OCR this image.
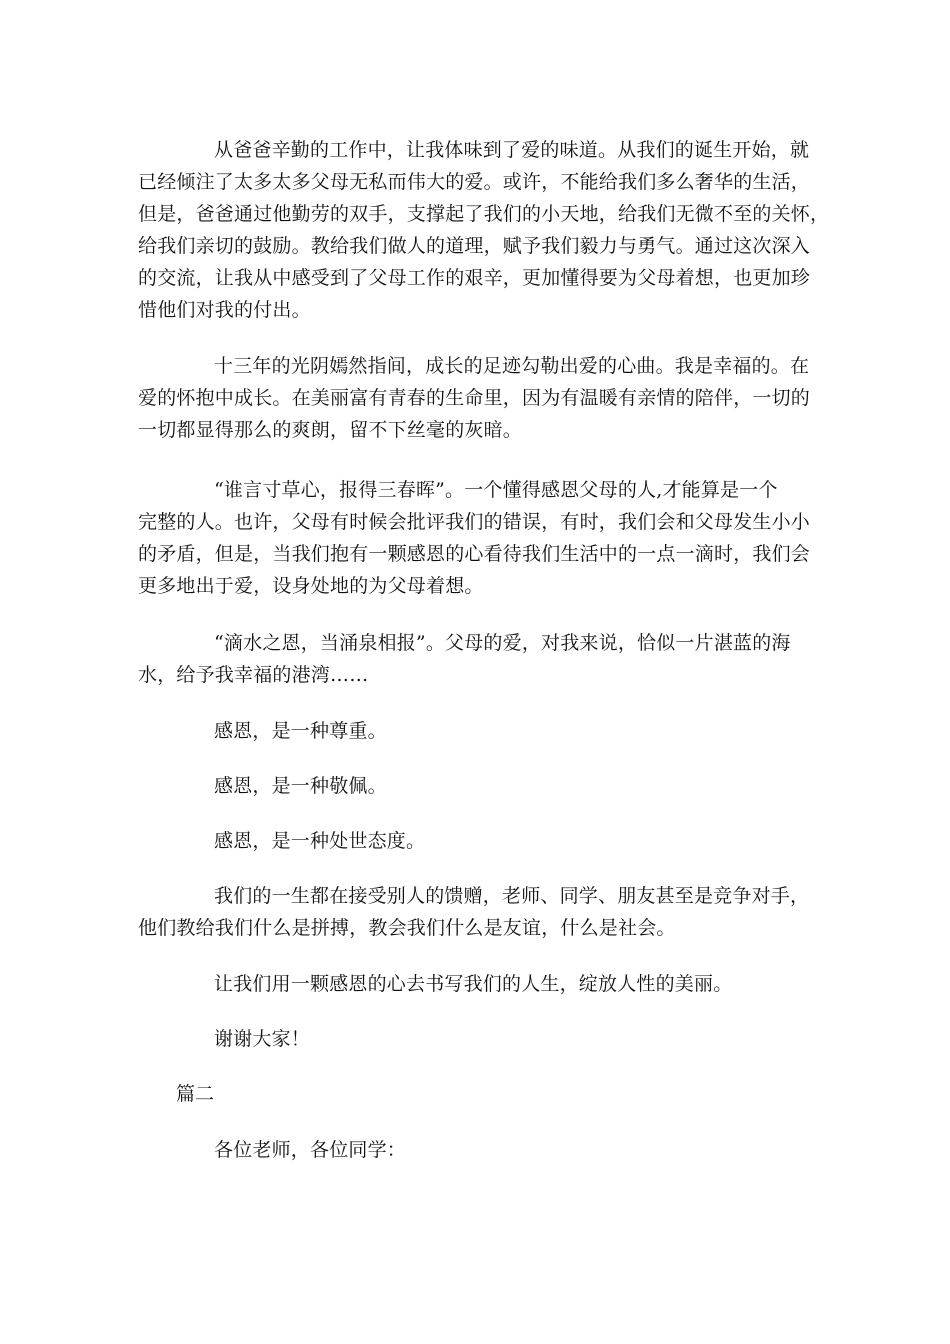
从爸爸辛勤的工作中，让我体味到了爱的味道。从我们的诞生开始，就
已经倾注了太多太多父母无私而伟大的爱。或许，不能给我们多么奢华的生活，
但是，爸爸通过他勤劳的双手，支撑起了我们的小天地，给我们无微不至的关怀，
给我们亲切的鼓励。教给我们做人的道理，赋予我们毅力与勇气。通过这次深入
的交流，让我从中感受到了父母工作的艰辛，更加懂得要为父母着想，也更加珍
惜他们对我的付出。

十三年的光阴嫣然指间，成长的足迹勾勒出爱的心曲。我是幸福的。在
爱的怀抱中成长。在美丽富有青春的生命里，因为有温暖有亲情的陪伴，一切的
一切都显得那么的爽朗，留不下丝毫的灰暗。

“谁言寸草心，报得三春晖”。一个懂得感恩父母的人,才能算是一个
完整的人。也许，父母有时候会批评我们的错误，有时，我们会和父母发生小小
的矛盾，但是，当我们抱有一颗感恩的心看待我们生活中的一点一滴时，我们会
更多地出于爱，设身处地的为父母着想。

“滴水之恩，当涌泉相报”。父母的爱，对我来说，恰似一片湛蓝的海
水，给予我幸福的港湾……

感恩，是一种尊重。

感恩，是一种敬佩。

感恩，是一种处世态度。

我们的一生都在接受别人的馈赠，老师、同学、朋友甚至是竞争对手，
他们教给我们什么是拼搏，教会我们什么是友谊，什么是社会。

让我们用一颗感恩的心去书写我们的人生，绽放人性的美丽。

谢谢大家！

篇二

各位老师，各位同学：
